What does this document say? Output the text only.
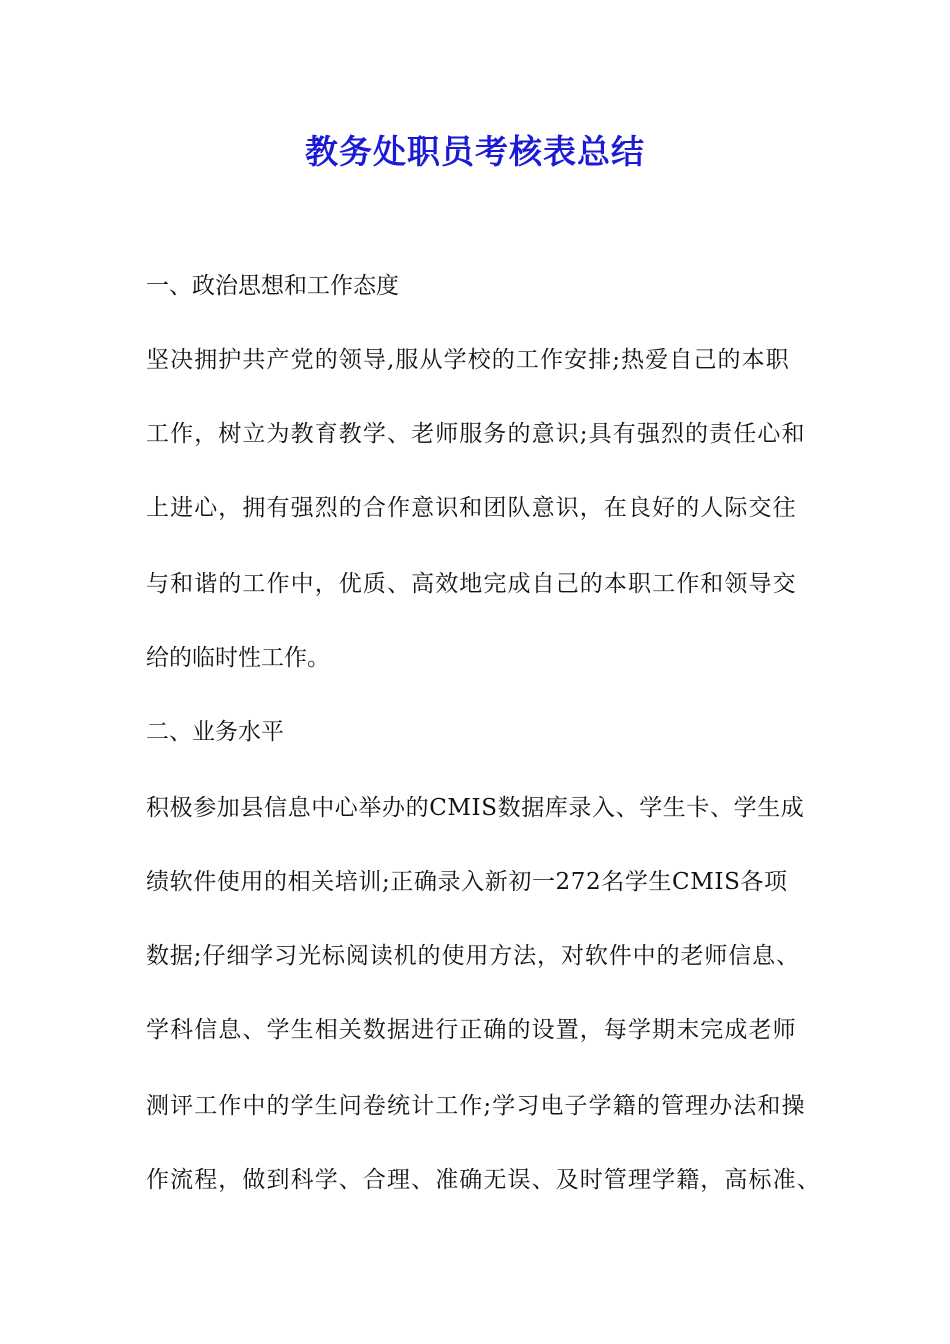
教务处职员考核表总结
一、政治思想和工作态度
坚决拥护共产党的领导,服从学校的工作安排;热爱自己的本职
工作，树立为教育教学、老师服务的意识;具有强烈的责任心和
上进心，拥有强烈的合作意识和团队意识，在良好的人际交往
与和谐的工作中，优质、高效地完成自己的本职工作和领导交
给的临时性工作。
二、业务水平
积极参加县信息中心举办的CMIS数据库录入、学生卡、学生成
绩软件使用的相关培训;正确录入新初一272名学生CMIS各项
数据;仔细学习光标阅读机的使用方法，对软件中的老师信息、
学科信息、学生相关数据进行正确的设置，每学期末完成老师
测评工作中的学生问卷统计工作;学习电子学籍的管理办法和操
作流程，做到科学、合理、准确无误、及时管理学籍，高标准、
